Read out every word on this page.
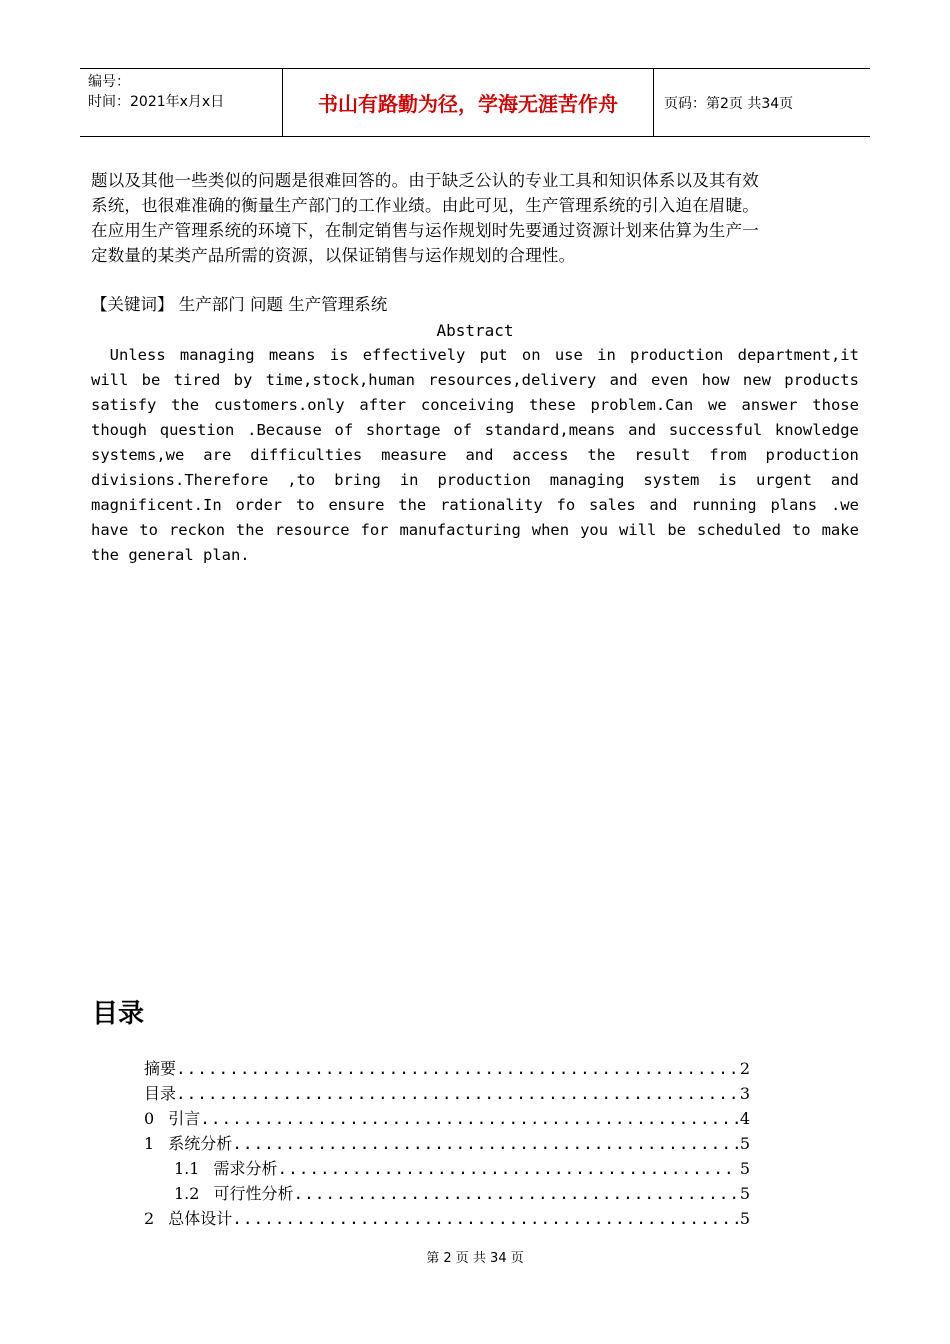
编号：
时间：2021年x月x日	书山有路勤为径，学海无涯苦作舟	页码：第2页 共34页

题以及其他一些类似的问题是很难回答的。由于缺乏公认的专业工具和知识体系以及其有效

系统，也很难准确的衡量生产部门的工作业绩。由此可见，生产管理系统的引入迫在眉睫。

在应用生产管理系统的环境下，在制定销售与运作规划时先要通过资源计划来估算为生产一

定数量的某类产品所需的资源，以保证销售与运作规划的合理性。

【关键词】 生产部门 问题 生产管理系统
Abstract
Unless managing means is effectively put on use in production department,it
will be tired by time,stock,human resources,delivery and even how new products
satisfy the customers.only after conceiving these problem.Can we answer those
though question .Because of shortage of standard,means and successful knowledge
systems,we are difficulties measure and access the result from production
divisions.Therefore ,to bring in production managing system is urgent and
magnificent.In order to ensure the rationality fo sales and running plans .we
have to reckon the resource for manufacturing when you will be scheduled to make
the general plan.
目录
摘要 .....	2
目录 .....	3
0 引言 .....	4
1 系统分析 .....	5
1.1 需求分析 .....	5
1.2 可行性分析 .....	5
2 总体设计 .....	5
第 2 页 共 34 页
